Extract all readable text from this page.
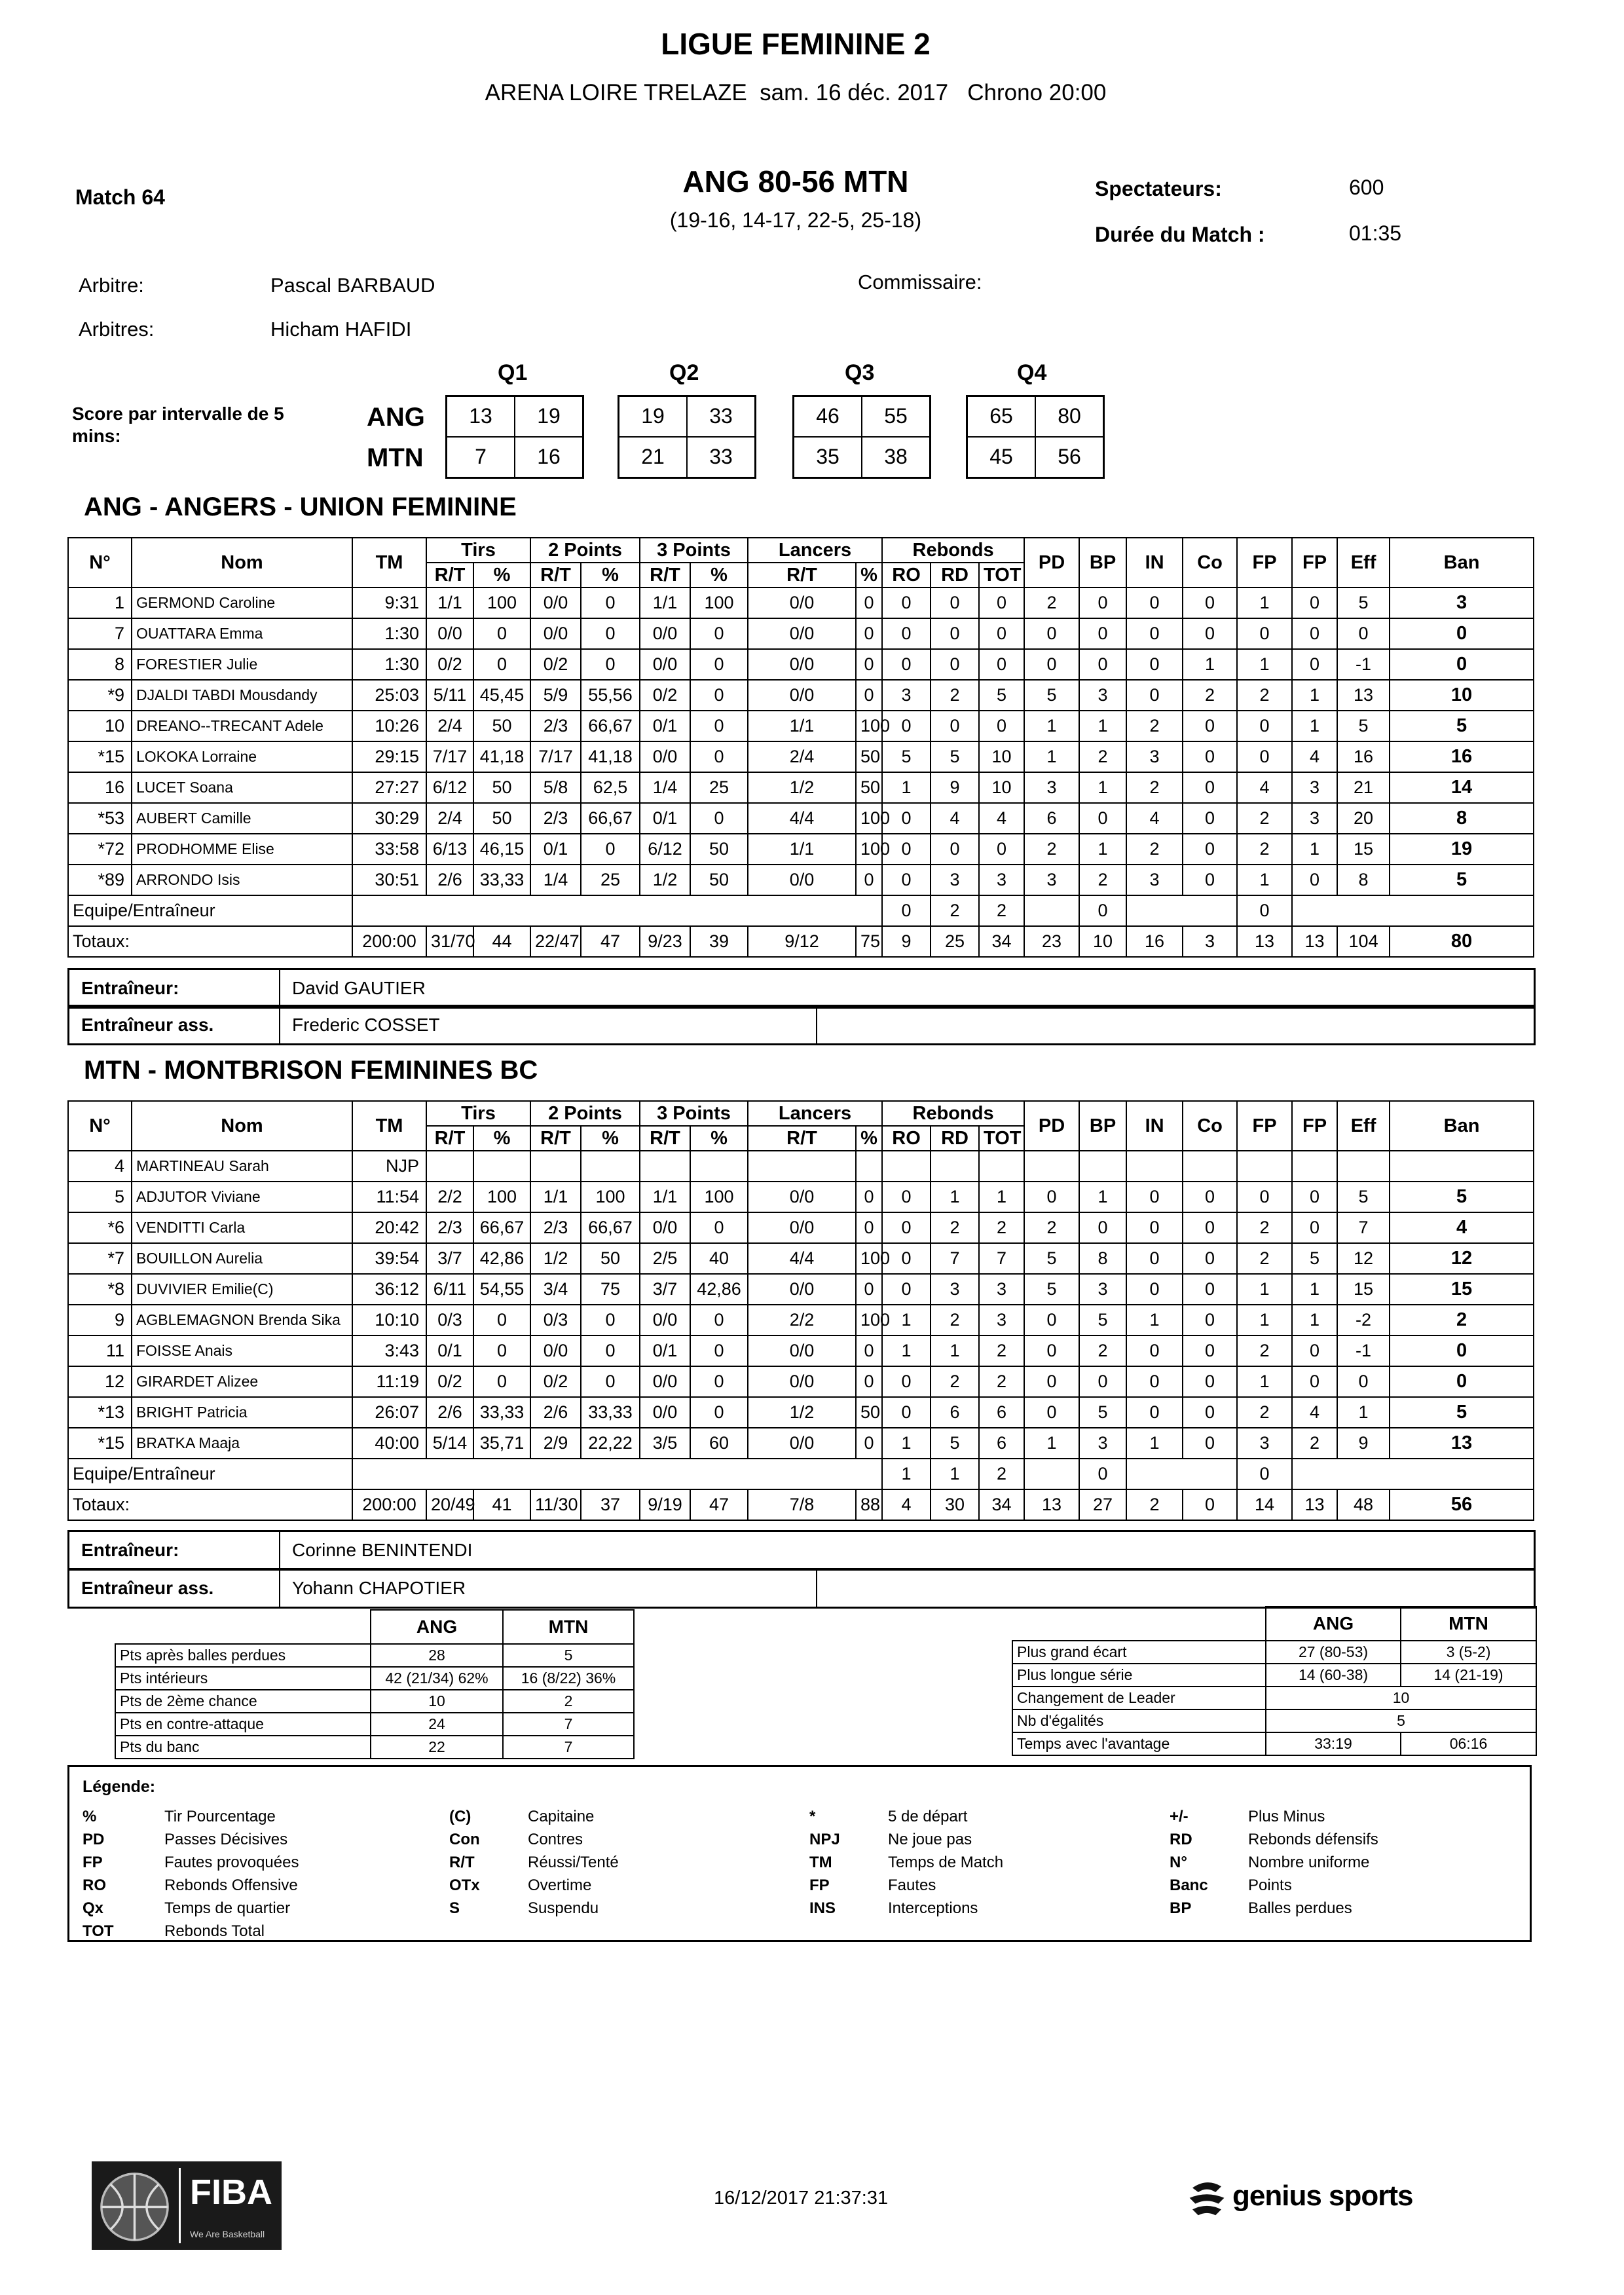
LIGUE FEMININE 2
ARENA LOIRE TRELAZE  sam. 16 déc. 2017   Chrono 20:00
Match 64	ANG 80-56 MTN
(19-16, 14-17, 22-5, 25-18)
Spectateurs:	600
Durée du Match :	01:35
Arbitre:	Pascal BARBAUD
Arbitres:	Hicham HAFIDI
Commissaire:
Score par intervalle de 5 mins:
ANG
MTN
Q1	Q2	Q3	Q4
13	19
7	16
19	33
21	33
46	55
35	38
65	80
45	56
ANG - ANGERS - UNION FEMININE
N°	Nom	TM	Tirs		2 Points		3 Points		Lancers		Rebonds			PD	BP	IN	Co	FP	FP	Eff	Ban
			R/T	%	R/T	%	R/T	%	R/T	%	RO	RD	TOT								
1	GERMOND Caroline	9:31	1/1	100	0/0	0	1/1	100	0/0	0	0	0	0	2	0	0	0	1	0	5	3
7	OUATTARA Emma	1:30	0/0	0	0/0	0	0/0	0	0/0	0	0	0	0	0	0	0	0	0	0	0	0
8	FORESTIER Julie	1:30	0/2	0	0/2	0	0/0	0	0/0	0	0	0	0	0	0	0	1	1	0	-1	0
*9	DJALDI TABDI Mousdandy	25:03	5/11	45,45	5/9	55,56	0/2	0	0/0	0	3	2	5	5	3	0	2	2	1	13	10
10	DREANO--TRECANT Adele	10:26	2/4	50	2/3	66,67	0/1	0	1/1	100	0	0	0	1	1	2	0	0	1	5	5
*15	LOKOKA Lorraine	29:15	7/17	41,18	7/17	41,18	0/0	0	2/4	50	5	5	10	1	2	3	0	0	4	16	16
16	LUCET Soana	27:27	6/12	50	5/8	62,5	1/4	25	1/2	50	1	9	10	3	1	2	0	4	3	21	14
*53	AUBERT Camille	30:29	2/4	50	2/3	66,67	0/1	0	4/4	100	0	4	4	6	0	4	0	2	3	20	8
*72	PRODHOMME Elise	33:58	6/13	46,15	0/1	0	6/12	50	1/1	100	0	0	0	2	1	2	0	2	1	15	19
*89	ARRONDO Isis	30:51	2/6	33,33	1/4	25	1/2	50	0/0	0	0	3	3	3	2	3	0	1	0	8	5
Equipe/Entraîneur											0	2	2		0			0			
Totaux:		200:00	31/70	44	22/47	47	9/23	39	9/12	75	9	25	34	23	10	16	3	13	13	104	80
Entraîneur:	David GAUTIER
Entraîneur ass.	Frederic COSSET
MTN - MONTBRISON FEMININES BC
N°	Nom	TM	Tirs		2 Points		3 Points		Lancers		Rebonds			PD	BP	IN	Co	FP	FP	Eff	Ban
			R/T	%	R/T	%	R/T	%	R/T	%	RO	RD	TOT								
4	MARTINEAU Sarah	NJP																			
5	ADJUTOR Viviane	11:54	2/2	100	1/1	100	1/1	100	0/0	0	0	1	1	0	1	0	0	0	0	5	5
*6	VENDITTI Carla	20:42	2/3	66,67	2/3	66,67	0/0	0	0/0	0	0	2	2	2	0	0	0	2	0	7	4
*7	BOUILLON Aurelia	39:54	3/7	42,86	1/2	50	2/5	40	4/4	100	0	7	7	5	8	0	0	2	5	12	12
*8	DUVIVIER Emilie(C)	36:12	6/11	54,55	3/4	75	3/7	42,86	0/0	0	0	3	3	5	3	0	0	1	1	15	15
9	AGBLEMAGNON Brenda Sika	10:10	0/3	0	0/3	0	0/0	0	2/2	100	1	2	3	0	5	1	0	1	1	-2	2
11	FOISSE Anais	3:43	0/1	0	0/0	0	0/1	0	0/0	0	1	1	2	0	2	0	0	2	0	-1	0
12	GIRARDET Alizee	11:19	0/2	0	0/2	0	0/0	0	0/0	0	0	2	2	0	0	0	0	1	0	0	0
*13	BRIGHT Patricia	26:07	2/6	33,33	2/6	33,33	0/0	0	1/2	50	0	6	6	0	5	0	0	2	4	1	5
*15	BRATKA Maaja	40:00	5/14	35,71	2/9	22,22	3/5	60	0/0	0	1	5	6	1	3	1	0	3	2	9	13
Equipe/Entraîneur											1	1	2		0			0			
Totaux:		200:00	20/49	41	11/30	37	9/19	47	7/8	88	4	30	34	13	27	2	0	14	13	48	56
Entraîneur:	Corinne BENINTENDI
Entraîneur ass.	Yohann CHAPOTIER
	ANG	MTN
Pts après balles perdues	28	5
Pts intérieurs	42 (21/34) 62%	16 (8/22) 36%
Pts de 2ème chance	10	2
Pts en contre-attaque	24	7
Pts du banc	22	7
	ANG	MTN
Plus grand écart	27 (80-53)	3 (5-2)
Plus longue série	14 (60-38)	14 (21-19)
Changement de Leader	10	
Nb d'égalités	5	
Temps avec l'avantage	33:19	06:16
Légende:
%	Tir Pourcentage
PD	Passes Décisives
FP	Fautes provoquées
RO	Rebonds Offensive
Qx	Temps de quartier
TOT	Rebonds Total
(C)	Capitaine
Con	Contres
R/T	Réussi/Tenté
OTx	Overtime
S	Suspendu
*	5 de départ
NPJ	Ne joue pas
TM	Temps de Match
FP	Fautes
INS	Interceptions
+/-	Plus Minus
RD	Rebonds défensifs
N°	Nombre uniforme
Banc	Points
BP	Balles perdues
FIBA
We Are Basketball
16/12/2017 21:37:31	genius sports
